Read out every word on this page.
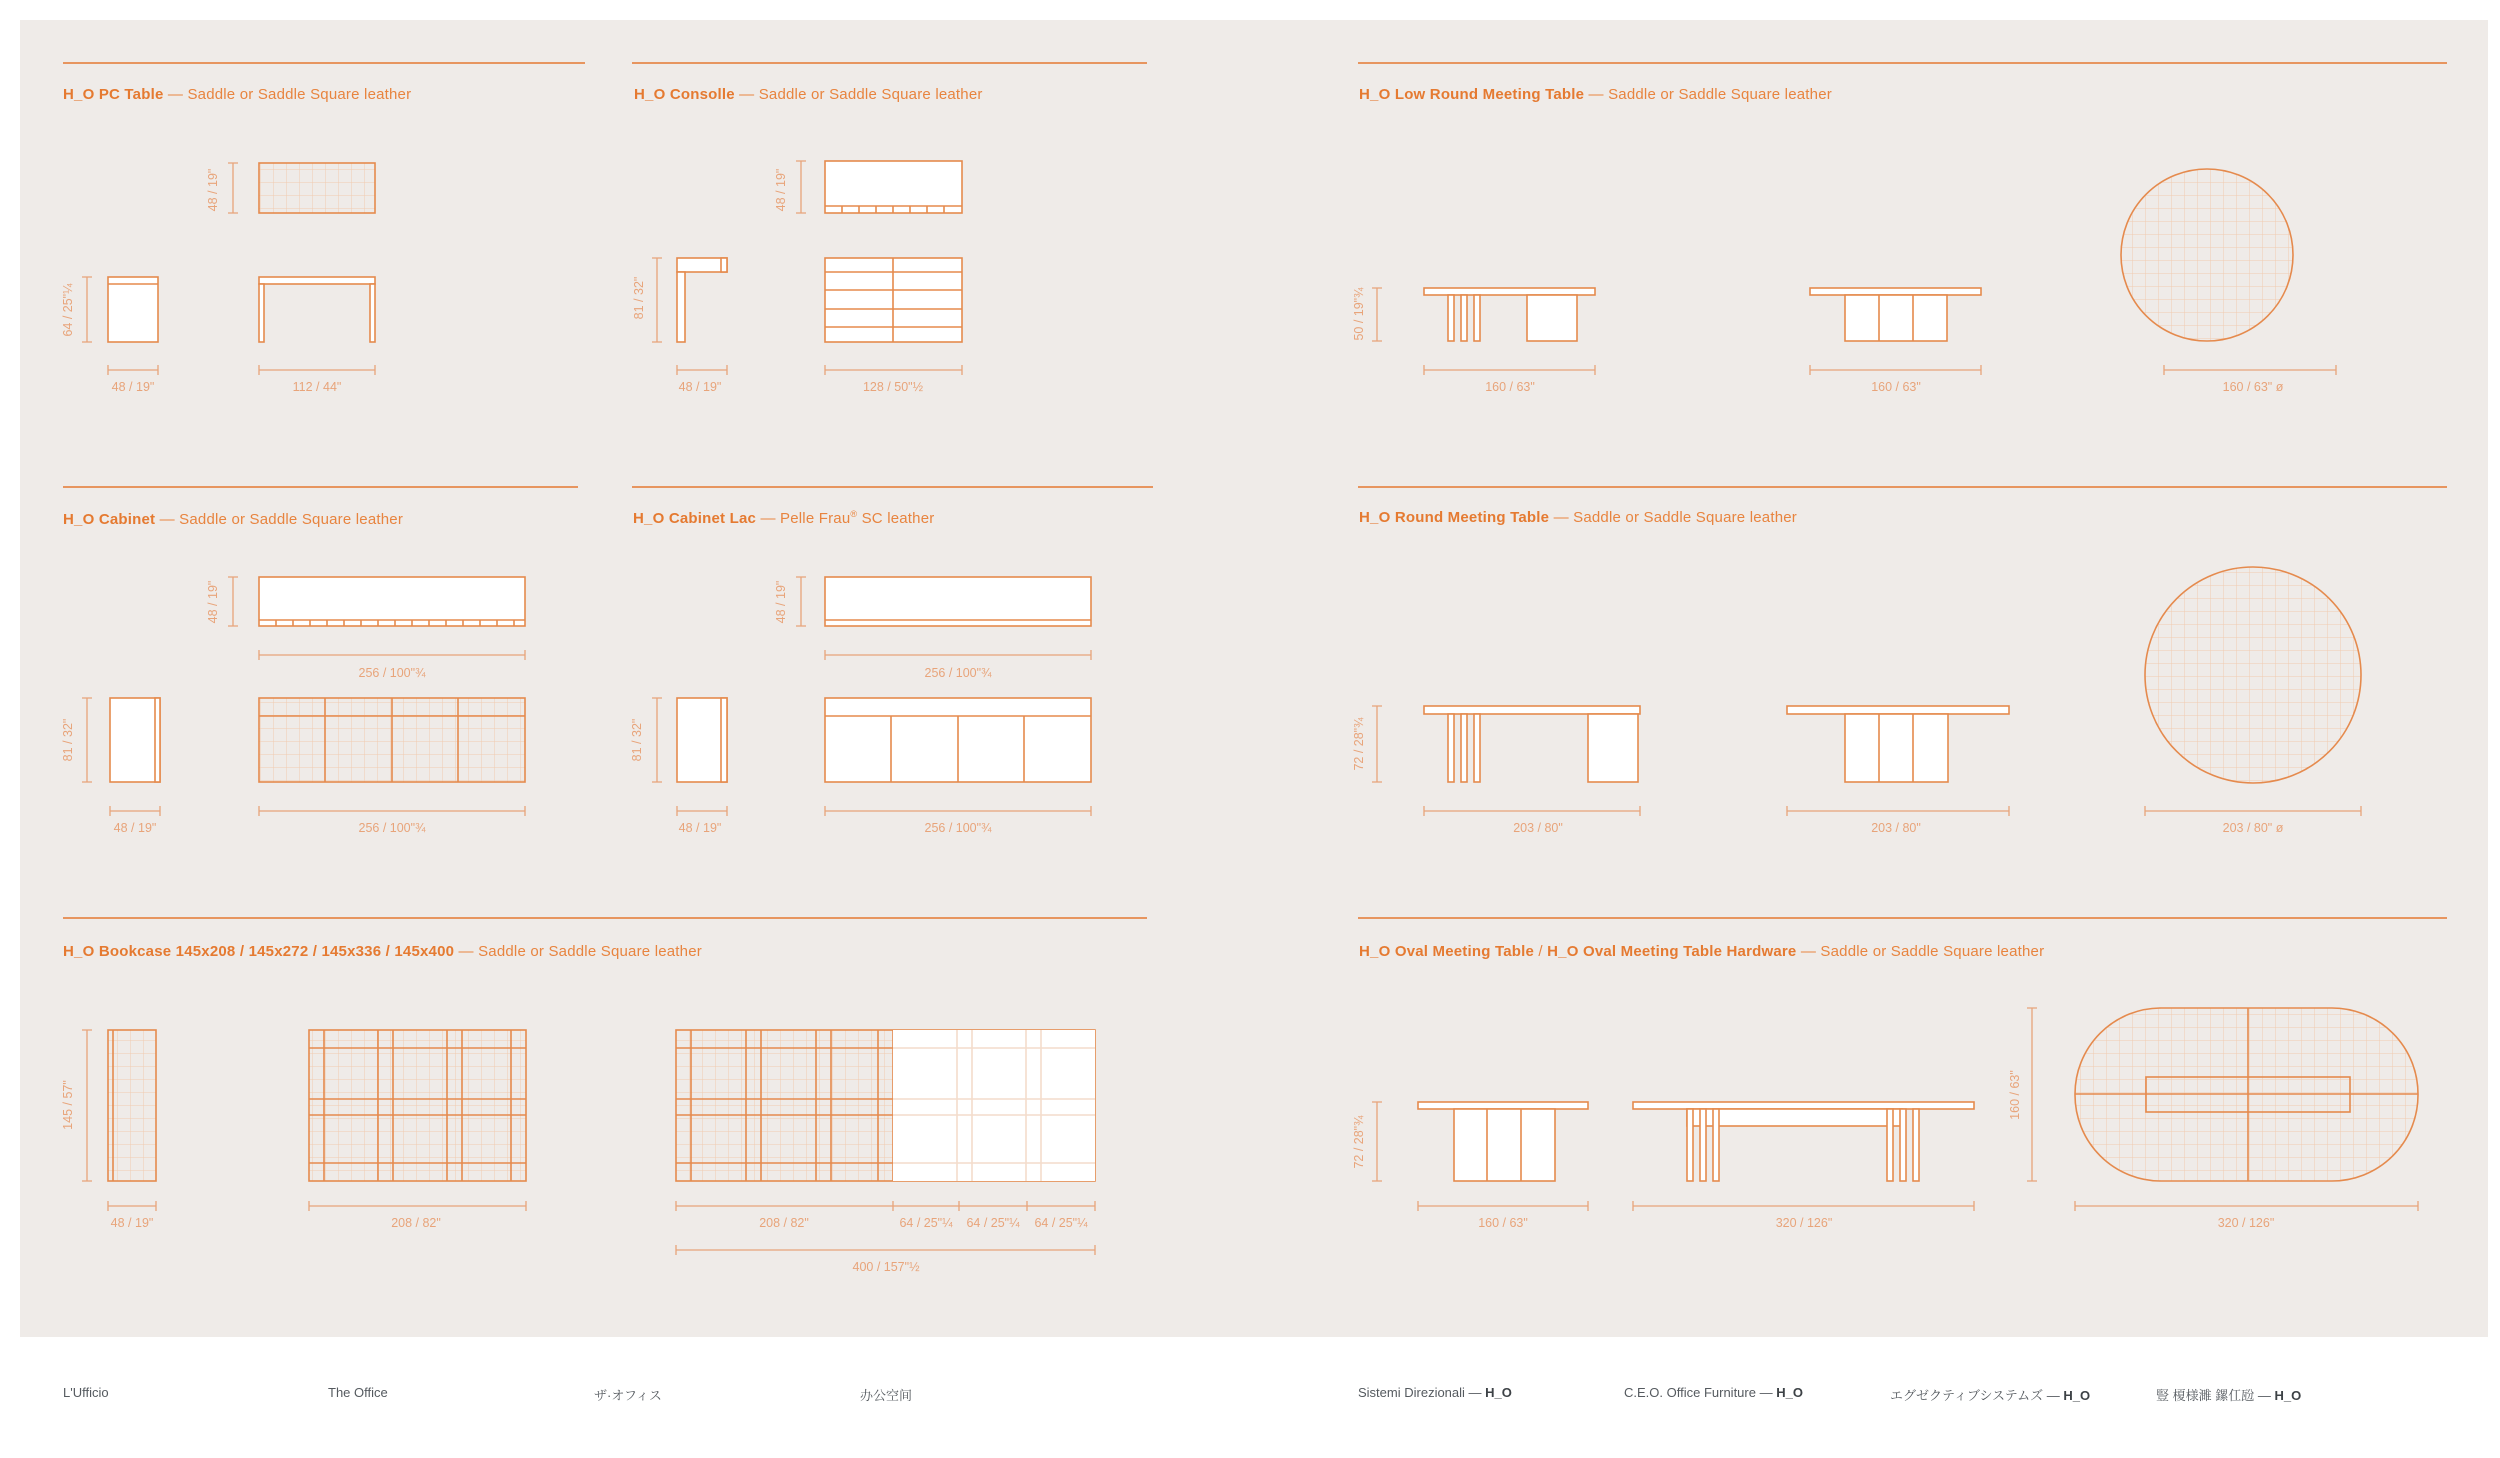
H_O PC Table — Saddle or Saddle Square leather	H_O Consolle — Saddle or Saddle Square leather	H_O Low Round Meeting Table — Saddle or Saddle Square leather
H_O Cabinet — Saddle or Saddle Square leather	H_O Cabinet Lac — Pelle Frau® SC leather	H_O Round Meeting Table — Saddle or Saddle Square leather
H_O Bookcase 145x208 / 145x272 / 145x336 / 145x400 — Saddle or Saddle Square leather	H_O Oval Meeting Table / H_O Oval Meeting Table Hardware — Saddle or Saddle Square leather
48 / 19"
64 / 25"¼
48 / 19"	112 / 44"
48 / 19"
81 / 32"
48 / 19"	128 / 50"½
50 / 19"¾
160 / 63"	160 / 63"	160 / 63" ø
48 / 19"
256 / 100"¾
81 / 32"
48 / 19"	256 / 100"¾
48 / 19"
256 / 100"¾
81 / 32"
48 / 19"	256 / 100"¾
72 / 28"¾
203 / 80"	203 / 80"	203 / 80" ø
145 / 57"
48 / 19"	208 / 82"	208 / 82"	64 / 25"¼ 64 / 25"¼ 64 / 25"¼
400 / 157"½
72 / 28"¾
160 / 63"	320 / 126"
160 / 63"
320 / 126"
L'Ufficio	The Office	ザ·オフィス	办公空间	Sistemi Direzionali — H_O	C.E.O. Office Furniture — H_O	エグゼクティブシステムズ — H_O	豎 榎様濉 鏍仜瓰 — H_O
